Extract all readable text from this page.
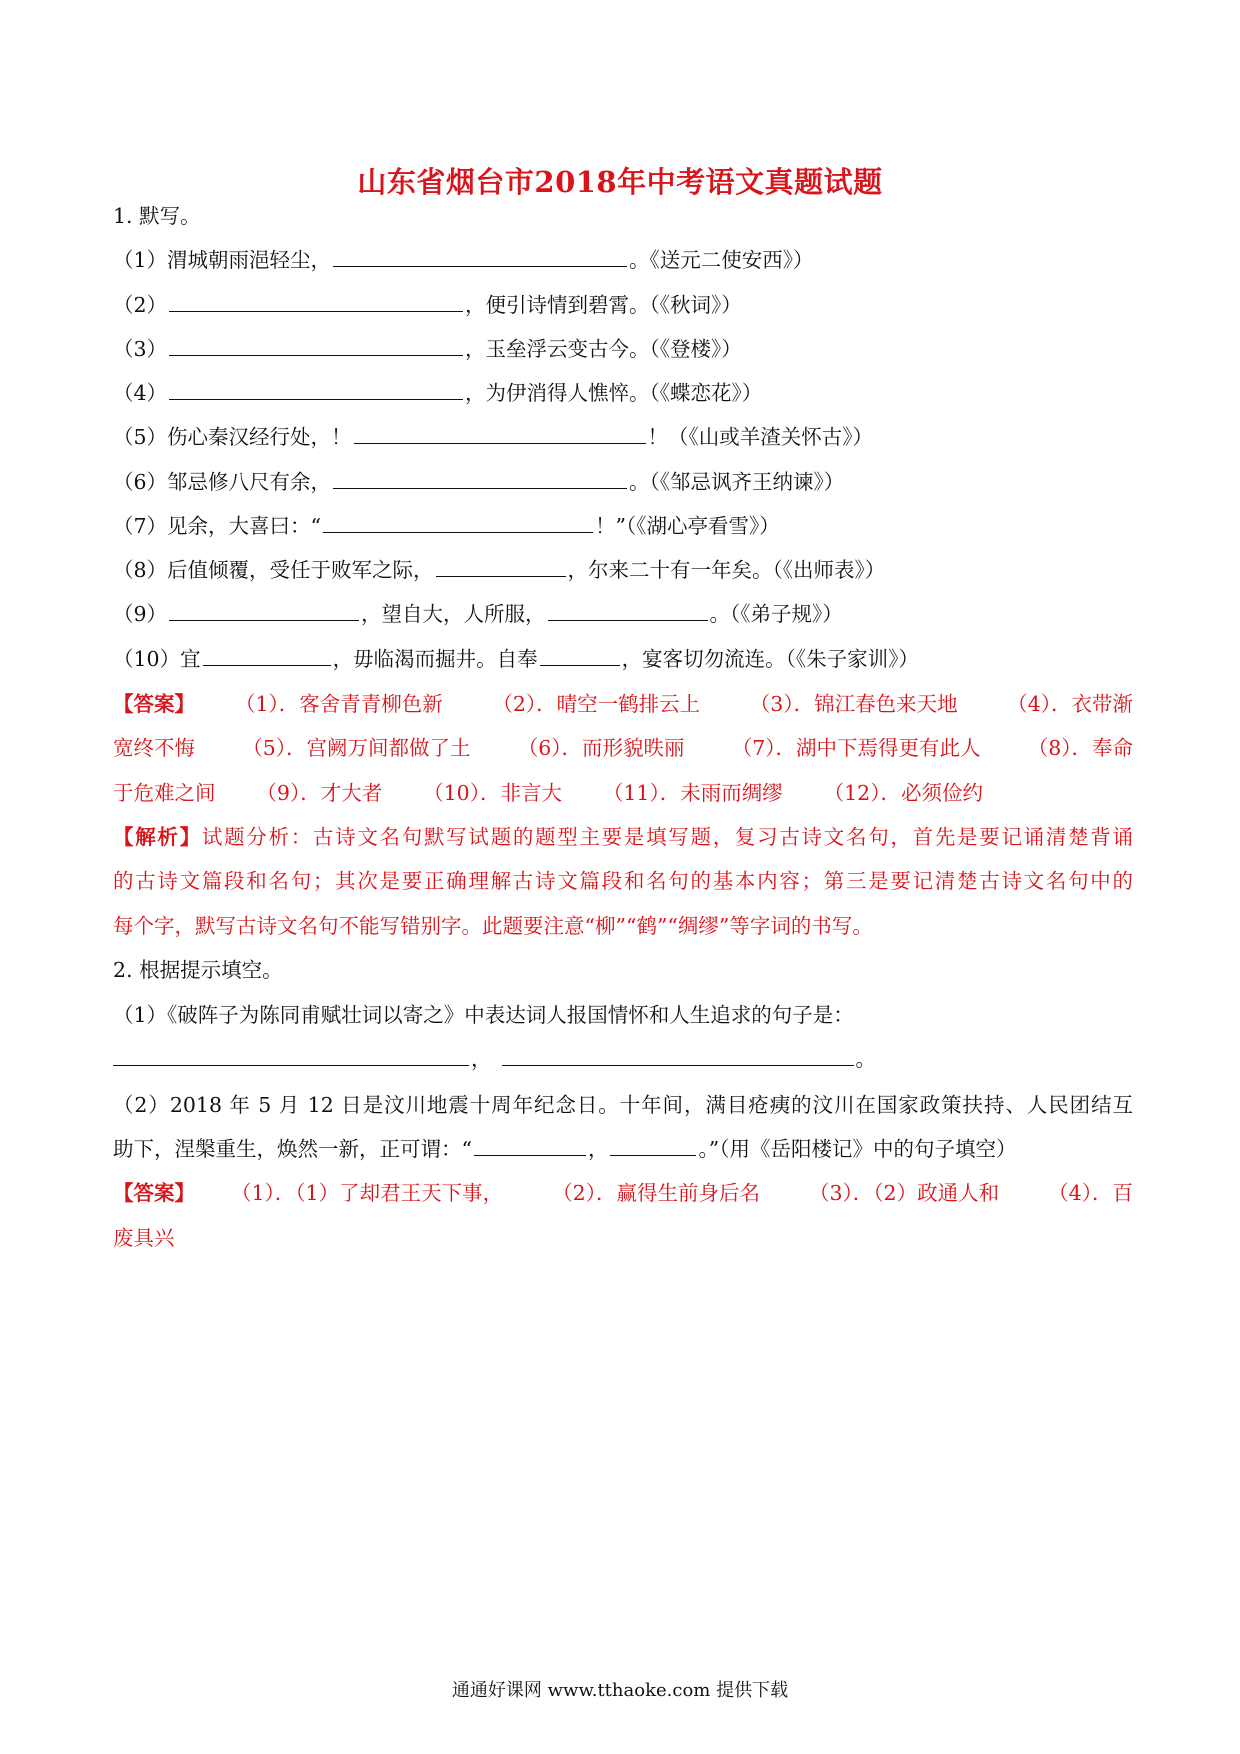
山东省烟台市2018年中考语文真题试题
1. 默写。
（1）渭城朝雨浥轻尘，	。《送元二使安西》）
（2）	，便引诗情到碧霄。（《秋词》）
（3）	，玉垒浮云变古今。（《登楼》）
（4）	，为伊消得人憔悴。（《蝶恋花》）
（5）伤心秦汉经行处，！	！（《山或羊渣关怀古》）
（6）邹忌修八尺有余，	。（《邹忌讽齐王纳谏》）
（7）见余，大喜曰：“	！”（《湖心亭看雪》）
（8）后值倾覆，受任于败军之际，	，尔来二十有一年矣。（《出师表》）
（9）	，望自大，人所服，	。（《弟子规》）
（10）宜	，毋临渴而掘井。自奉	，宴客切勿流连。（《朱子家训》）
【答案】 （1）．客舍青青柳色新 （2）．晴空一鹤排云上 （3）．锦江春色来天地 （4）．衣带渐
宽终不悔 （5）．宫阙万间都做了土 （6）．而形貌昳丽 （7）．湖中下焉得更有此人 （8）．奉命
于危难之间 （9）．才大者 （10）．非言大 （11）．未雨而绸缪 （12）．必须俭约
【解析】试题分析：古诗文名句默写试题的题型主要是填写题，复习古诗文名句，首先是要记诵清楚背诵
的古诗文篇段和名句；其次是要正确理解古诗文篇段和名句的基本内容；第三是要记清楚古诗文名句中的
每个字，默写古诗文名句不能写错别字。此题要注意“柳”“鹤”“绸缪”等字词的书写。
2. 根据提示填空。
（1）《破阵子为陈同甫赋壮词以寄之》中表达词人报国情怀和人生追求的句子是：
，	。
（2）2018 年 5 月 12 日是汶川地震十周年纪念日。十年间，满目疮痍的汶川在国家政策扶持、人民团结互
助下，涅槃重生，焕然一新，正可谓：“	，	。”（用《岳阳楼记》中的句子填空）
【答案】 （1）．（1）了却君王天下事， （2）．赢得生前身后名 （3）．（2）政通人和 （4）．百
废具兴
通通好课网 www.tthaoke.com 提供下载
